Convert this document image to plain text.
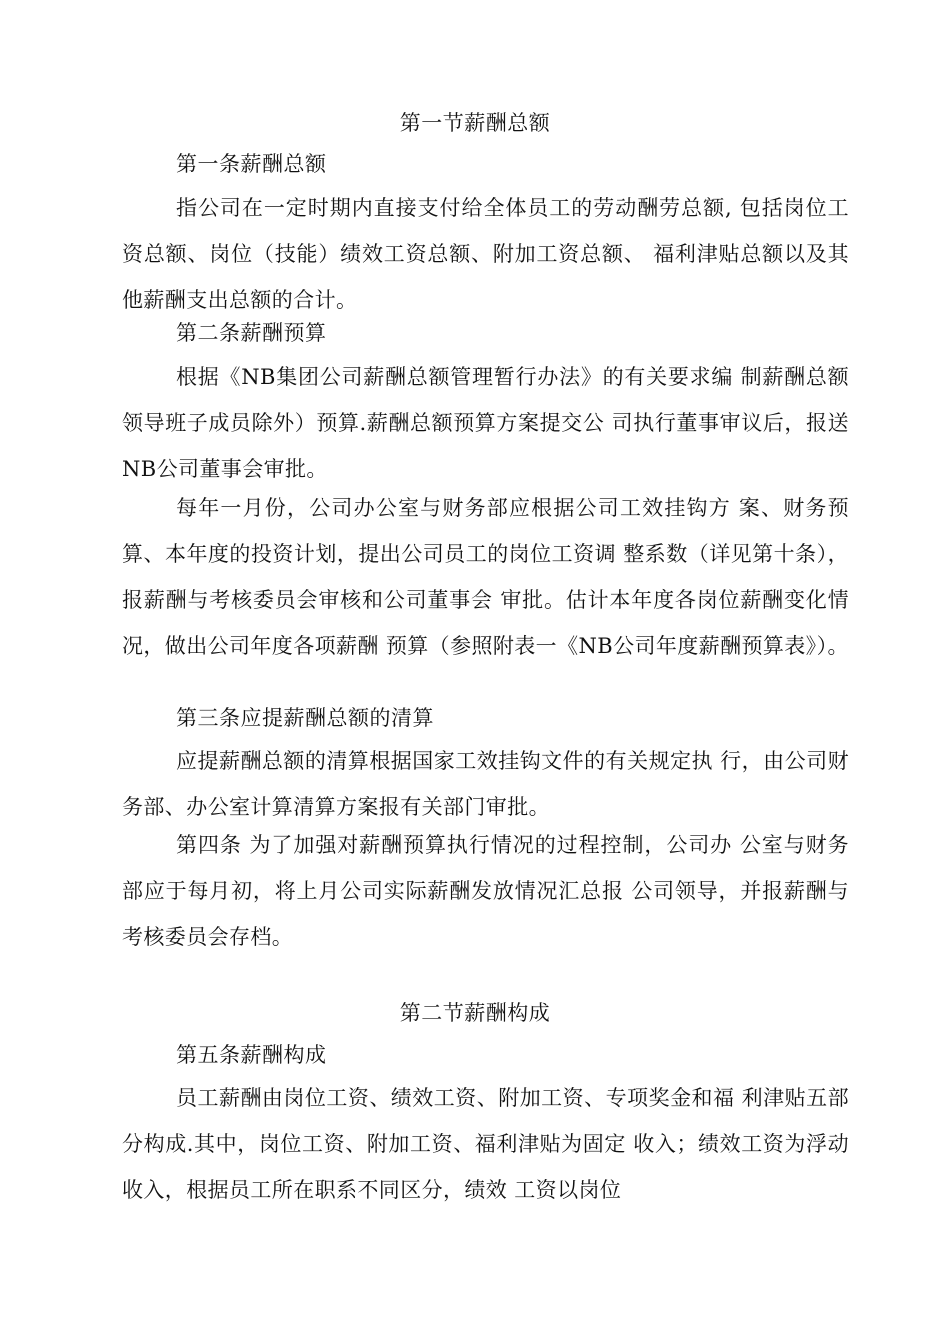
第一节薪酬总额
第一条薪酬总额
指公司在一定时期内直接支付给全体员工的劳动酬劳总额, 包括岗位工资总额、岗位（技能）绩效工资总额、附加工资总额、 福利津贴总额以及其他薪酬支出总额的合计。
第二条薪酬预算
根据《NB集团公司薪酬总额管理暂行办法》的有关要求编 制薪酬总额领导班子成员除外）预算.薪酬总额预算方案提交公 司执行董事审议后，报送NB公司董事会审批。
每年一月份，公司办公室与财务部应根据公司工效挂钩方 案、财务预算、本年度的投资计划，提出公司员工的岗位工资调 整系数（详见第十条），报薪酬与考核委员会审核和公司董事会 审批。估计本年度各岗位薪酬变化情况，做出公司年度各项薪酬 预算（参照附表一《NB公司年度薪酬预算表》）。
第三条应提薪酬总额的清算
应提薪酬总额的清算根据国家工效挂钩文件的有关规定执 行，由公司财务部、办公室计算清算方案报有关部门审批。
第四条 为了加强对薪酬预算执行情况的过程控制，公司办 公室与财务部应于每月初，将上月公司实际薪酬发放情况汇总报 公司领导，并报薪酬与考核委员会存档。
第二节薪酬构成
第五条薪酬构成
员工薪酬由岗位工资、绩效工资、附加工资、专项奖金和福 利津贴五部分构成.其中，岗位工资、附加工资、福利津贴为固定 收入；绩效工资为浮动收入，根据员工所在职系不同区分，绩效 工资以岗位
